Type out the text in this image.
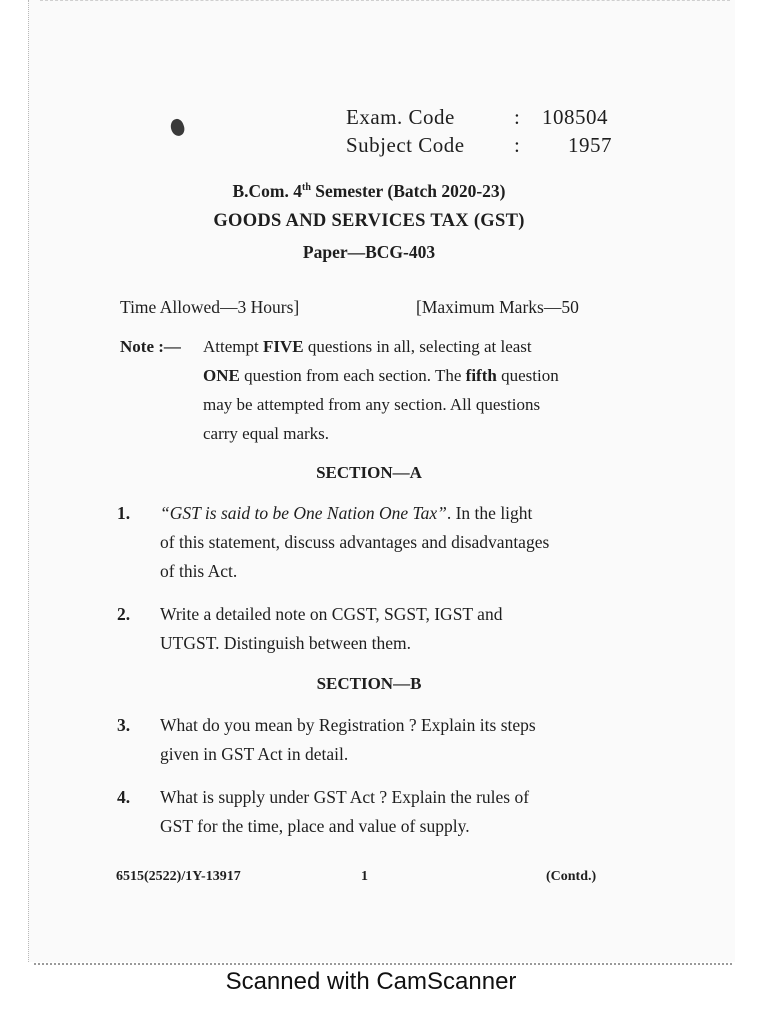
Exam. Code	: 108504
Subject Code : 1957
B.Com. 4th Semester (Batch 2020-23)
GOODS AND SERVICES TAX (GST)
Paper—BCG-403
Time Allowed—3 Hours]	[Maximum Marks—50
Note :— Attempt FIVE questions in all, selecting at least
ONE question from each section. The fifth question
may be attempted from any section. All questions
carry equal marks.
SECTION—A
1. “GST is said to be One Nation One Tax”. In the light
of this statement, discuss advantages and disadvantages
of this Act.
2. Write a detailed note on CGST, SGST, IGST and
UTGST. Distinguish between them.
SECTION—B
3. What do you mean by Registration ? Explain its steps
given in GST Act in detail.
4. What is supply under GST Act ? Explain the rules of
GST for the time, place and value of supply.
6515(2522)/1Y-13917	1	(Contd.)
Scanned with CamScanner
